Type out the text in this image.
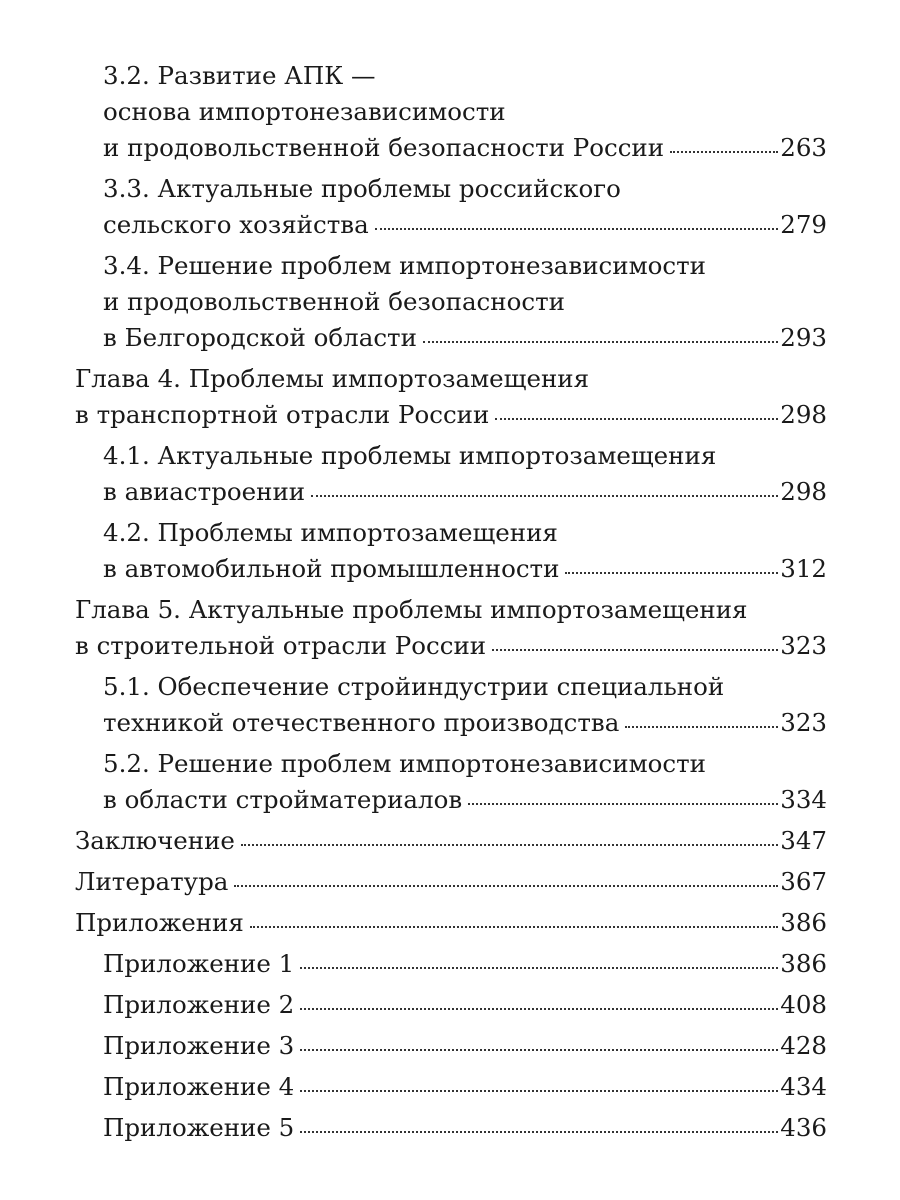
3.2. Развитие АПК —
основа импортонезависимости
и продовольственной безопасности России	263
3.3. Актуальные проблемы российского
сельского хозяйства	279
3.4. Решение проблем импортонезависимости
и продовольственной безопасности
в Белгородской области	293
Глава 4. Проблемы импортозамещения
в транспортной отрасли России	298
4.1. Актуальные проблемы импортозамещения
в авиастроении	298
4.2. Проблемы импортозамещения
в автомобильной промышленности	312
Глава 5. Актуальные проблемы импортозамещения
в строительной отрасли России	323
5.1. Обеспечение стройиндустрии специальной
техникой отечественного производства	323
5.2. Решение проблем импортонезависимости
в области стройматериалов	334
Заключение	347
Литература	367
Приложения	386
Приложение 1	386
Приложение 2	408
Приложение 3	428
Приложение 4	434
Приложение 5	436
